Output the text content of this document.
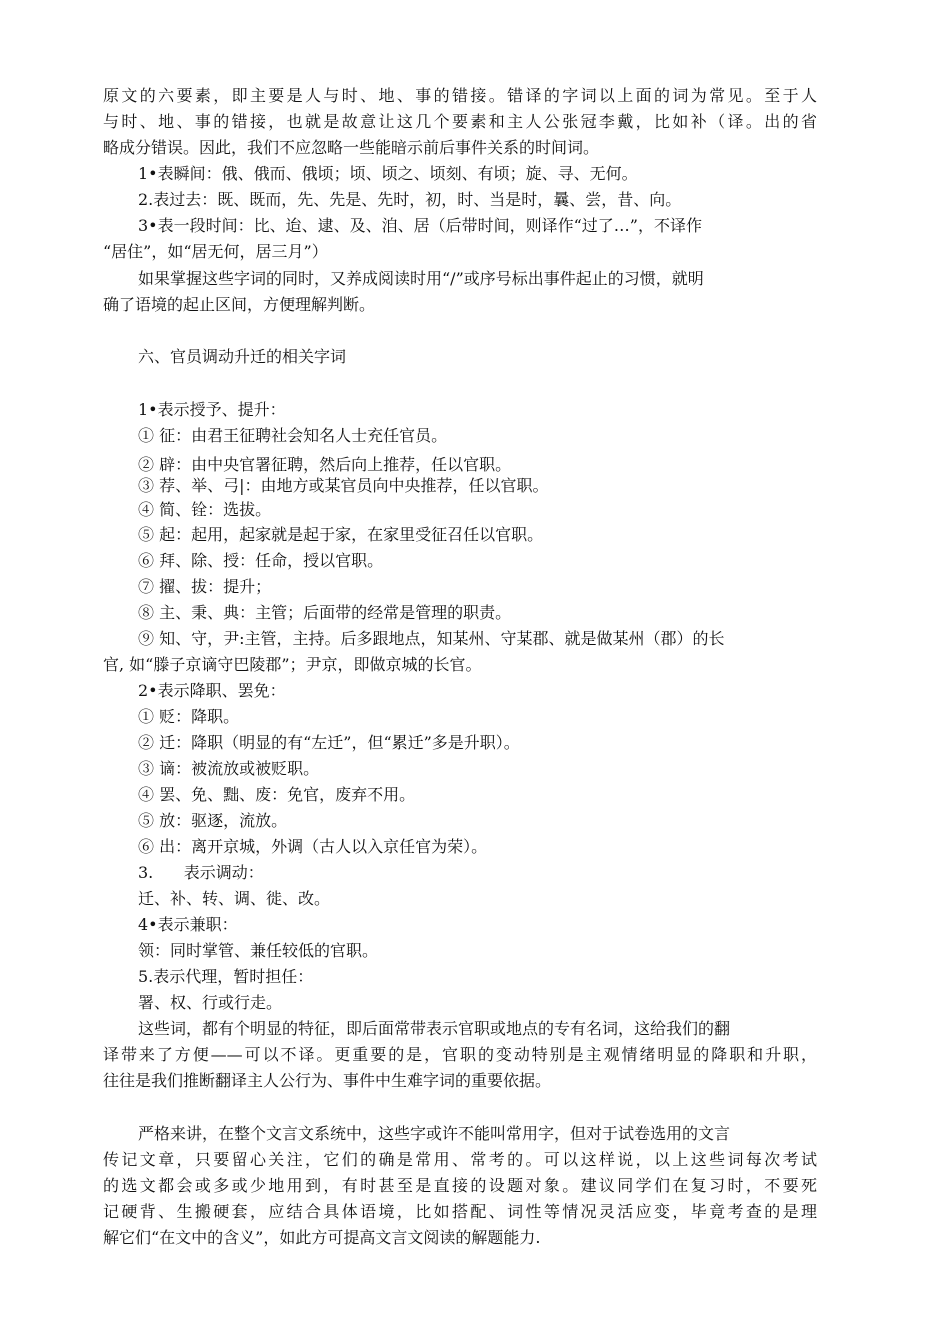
原文的六要素，即主要是人与时、地、事的错接。错译的字词以上面的词为常见。至于人
与时、地、事的错接，也就是故意让这几个要素和主人公张冠李戴，比如补（译。出的省
略成分错误。因此，我们不应忽略一些能暗示前后事件关系的时间词。
1•表瞬间：俄、俄而、俄顷；顷、顷之、顷刻、有顷；旋、寻、无何。
2.表过去：既、既而，先、先是、先时，初，时、当是时，曩、尝，昔、向。
3•表一段时间：比、迨、逮、及、洎、居（后带时间，则译作“过了…”，不译作
“居住”，如“居无何，居三月”）
如果掌握这些字词的同时，又养成阅读时用“/”或序号标出事件起止的习惯，就明
确了语境的起止区间，方便理解判断。
六、官员调动升迁的相关字词
1•表示授予、提升：
① 征：由君王征聘社会知名人士充任官员。
② 辟：由中央官署征聘，然后向上推荐，任以官职。
③ 荐、举、弓|：由地方或某官员向中央推荐，任以官职。
④ 简、铨：选拔。
⑤ 起：起用，起家就是起于家，在家里受征召任以官职。
⑥ 拜、除、授：任命，授以官职。
⑦ 擢、拔：提升；
⑧ 主、秉、典：主管；后面带的经常是管理的职责。
⑨ 知、守，尹:主管，主持。后多跟地点，知某州、守某郡、就是做某州（郡）的长
官, 如“滕子京谪守巴陵郡”；尹京，即做京城的长官。
2•表示降职、罢免：
① 贬：降职。
② 迁：降职（明显的有“左迁”，但“累迁”多是升职）。
③ 谪：被流放或被贬职。
④ 罢、免、黜、废：免官，废弃不用。
⑤ 放：驱逐，流放。
⑥ 出：离开京城，外调（古人以入京任官为荣）。
3.      表示调动：
迁、补、转、调、徙、改。
4•表示兼职：
领：同时掌管、兼任较低的官职。
5.表示代理，暂时担任：
署、权、行或行走。
这些词，都有个明显的特征，即后面常带表示官职或地点的专有名词，这给我们的翻
译带来了方便——可以不译。更重要的是，官职的变动特别是主观情绪明显的降职和升职，
往往是我们推断翻译主人公行为、事件中生难字词的重要依据。
严格来讲，在整个文言文系统中，这些字或许不能叫常用字，但对于试卷选用的文言
传记文章，只要留心关注，它们的确是常用、常考的。可以这样说，以上这些词每次考试
的选文都会或多或少地用到，有时甚至是直接的设题对象。建议同学们在复习时，不要死
记硬背、生搬硬套，应结合具体语境，比如搭配、词性等情况灵活应变，毕竟考查的是理
解它们“在文中的含义”，如此方可提高文言文阅读的解题能力.
